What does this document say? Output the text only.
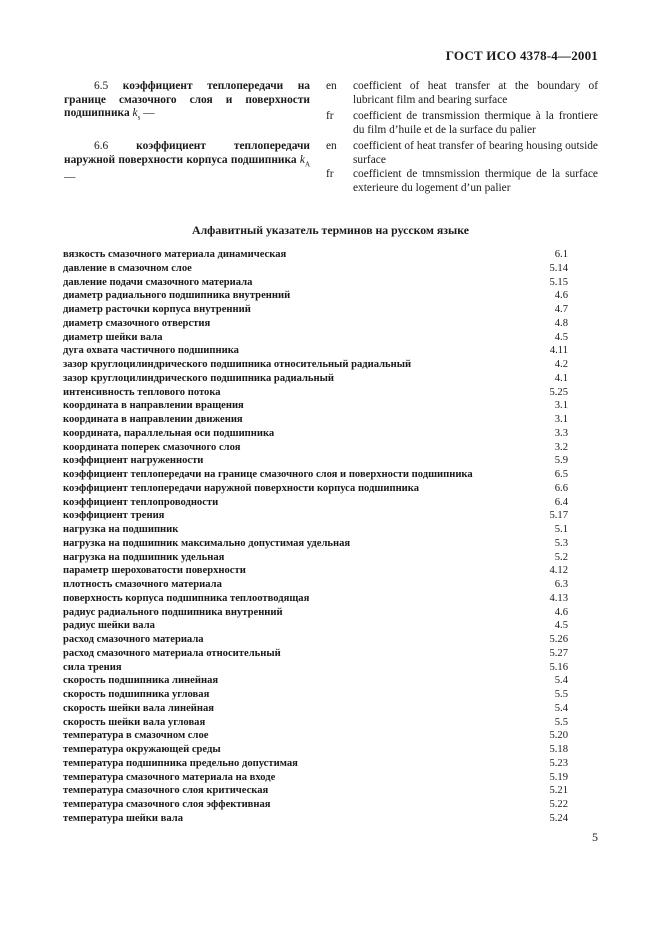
ГОСТ ИСО 4378-4—2001
6.5 коэффициент теплопередачи на границе смазочного слоя и поверхности подшипника $k_s$ —
en	coefficient of heat transfer at the boundary of lubricant film and bearing surface
fr	coefficient de transmission thermique à la frontiere du film d’huile et de la surface du palier
6.6 коэффициент теплопередачи наружной поверхности корпуса подшипника $k_A$ —
en	coefficient of heat transfer of bearing housing outside surface
fr	coefficient de tmnsmission thermique de la surface exterieure du logement d’un palier
Алфавитный указатель терминов на русском языке
вязкость смазочного материала динамическая	6.1
давление в смазочном слое	5.14
давление подачи смазочного материала	5.15
диаметр радиального подшипника внутренний	4.6
диаметр расточки корпуса внутренний	4.7
диаметр смазочного отверстия	4.8
диаметр шейки вала	4.5
дуга охвата частичного подшипника	4.11
зазор круглоцилиндрического подшипника относительный радиальный	4.2
зазор круглоцилиндрического подшипника радиальный	4.1
интенсивность теплового потока	5.25
координата в направлении вращения	3.1
координата в направлении движения	3.1
координата, параллельная оси подшипника	3.3
координата поперек смазочного слоя	3.2
коэффициент нагруженности	5.9
коэффициент теплопередачи на границе смазочного слоя и поверхности подшипника	6.5
коэффициент теплопередачи наружной поверхности корпуса подшипника	6.6
коэффициент теплопроводности	6.4
коэффициент трения	5.17
нагрузка на подшипник	5.1
нагрузка на подшипник максимально допустимая удельная	5.3
нагрузка на подшипник удельная	5.2
параметр шероховатости поверхности	4.12
плотность смазочного материала	6.3
поверхность корпуса подшипника теплоотводящая	4.13
радиус радиального подшипника внутренний	4.6
радиус шейки вала	4.5
расход смазочного материала	5.26
расход смазочного материала относительный	5.27
сила трения	5.16
скорость подшипника линейная	5.4
скорость подшипника угловая	5.5
скорость шейки вала линейная	5.4
скорость шейки вала угловая	5.5
температура в смазочном слое	5.20
температура окружающей среды	5.18
температура подшипника предельно допустимая	5.23
температура смазочного материала на входе	5.19
температура смазочного слоя критическая	5.21
температура смазочного слоя эффективная	5.22
температура шейки вала	5.24
5
